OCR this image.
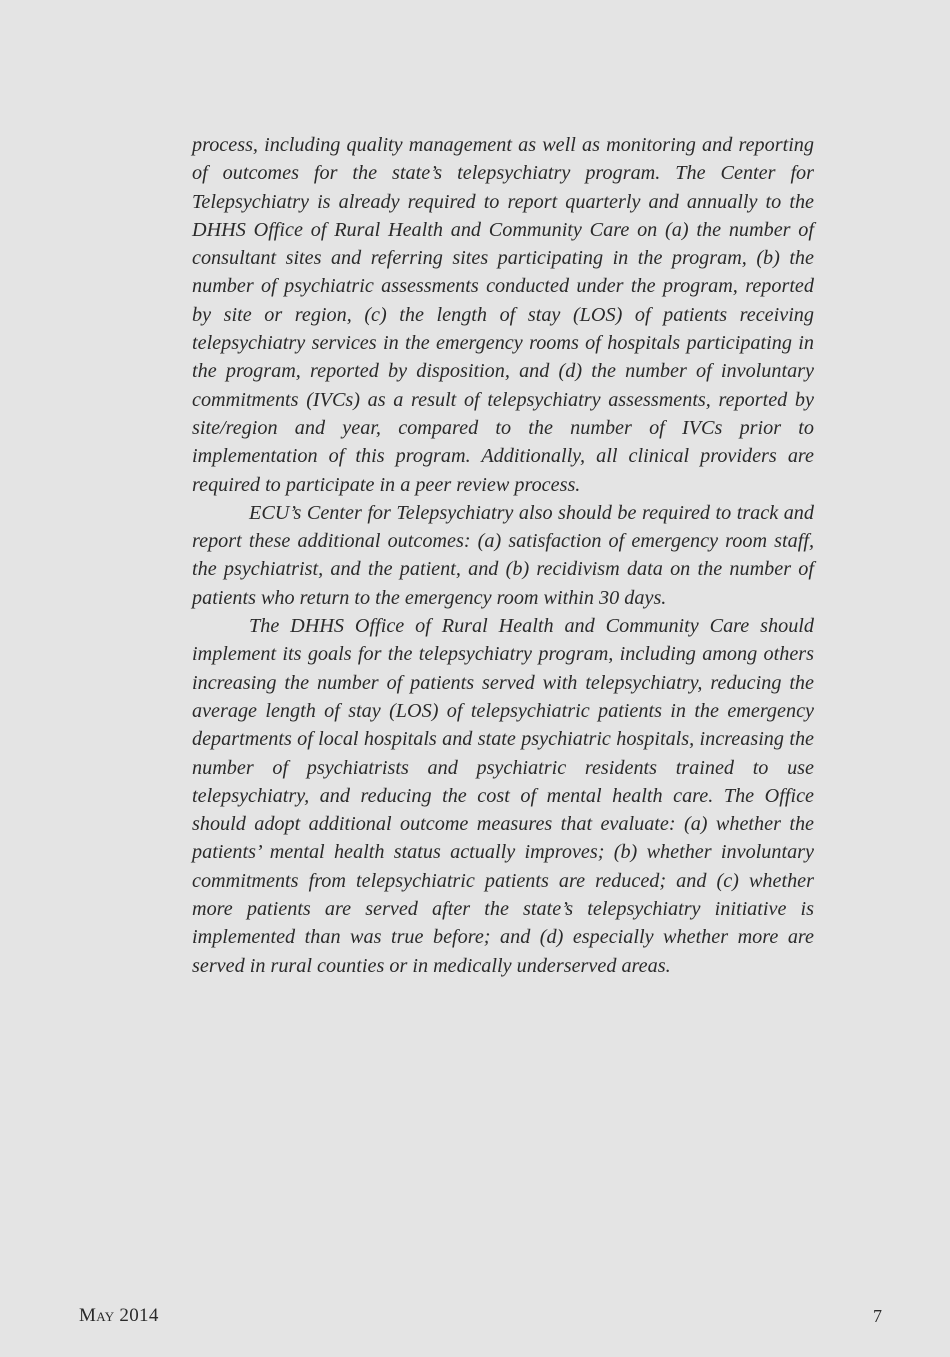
process, including quality management as well as monitoring and reporting of outcomes for the state’s telepsychiatry program. The Center for Telepsychiatry is already required to report quarterly and annually to the DHHS Office of Rural Health and Community Care on (a) the number of consultant sites and referring sites participating in the program, (b) the number of psychiatric assessments conducted under the program, reported by site or region, (c) the length of stay (LOS) of patients receiving telepsychiatry services in the emergency rooms of hospitals participating in the program, reported by disposition, and (d) the number of involuntary commitments (IVCs) as a result of telepsychiatry assessments, reported by site/region and year, compared to the number of IVCs prior to implementation of this program. Additionally, all clinical providers are required to participate in a peer review process.

ECU’s Center for Telepsychiatry also should be required to track and report these additional outcomes: (a) satisfaction of emergency room staff, the psychiatrist, and the patient, and (b) recidivism data on the number of patients who return to the emergency room within 30 days.

The DHHS Office of Rural Health and Community Care should implement its goals for the telepsychiatry program, including among others increasing the number of patients served with telepsychiatry, reducing the average length of stay (LOS) of telepsychiatric patients in the emergency departments of local hospitals and state psychiatric hospitals, increasing the number of psychiatrists and psychiatric residents trained to use telepsychiatry, and reducing the cost of mental health care. The Office should adopt additional outcome measures that evaluate: (a) whether the patients’ mental health status actually improves; (b) whether involuntary commitments from telepsychiatric patients are reduced; and (c) whether more patients are served after the state’s telepsychiatry initiative is implemented than was true before; and (d) especially whether more are served in rural counties or in medically underserved areas.

May 2014	7
